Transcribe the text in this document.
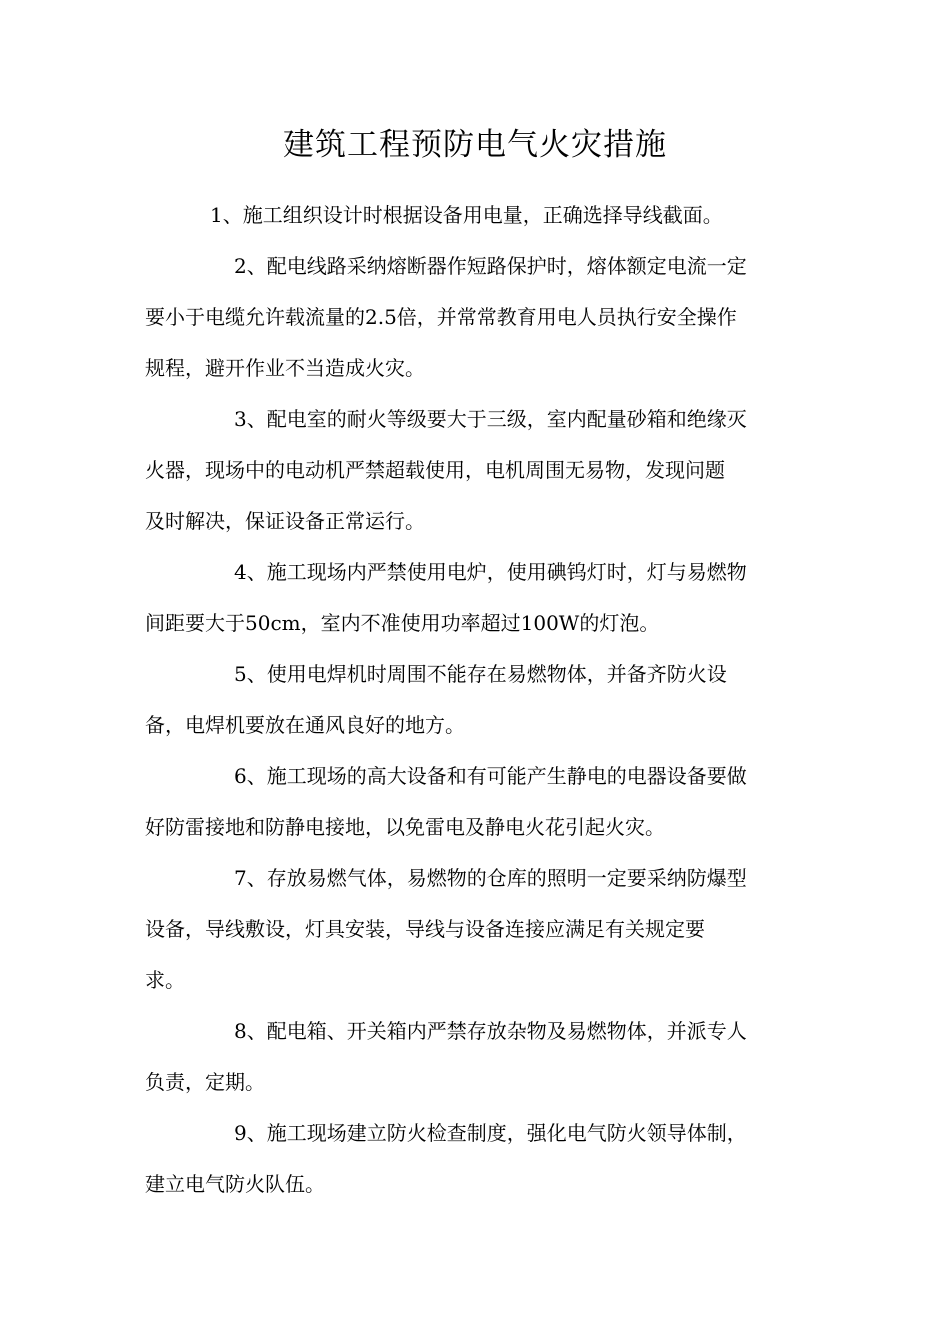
建筑工程预防电气火灾措施

1、施工组织设计时根据设备用电量，正确选择导线截面。

2、配电线路采纳熔断器作短路保护时，熔体额定电流一定

要小于电缆允许载流量的2.5倍，并常常教育用电人员执行安全操作

规程，避开作业不当造成火灾。

3、配电室的耐火等级要大于三级，室内配量砂箱和绝缘灭

火器，现场中的电动机严禁超载使用，电机周围无易物，发现问题

及时解决，保证设备正常运行。

4、施工现场内严禁使用电炉，使用碘钨灯时，灯与易燃物

间距要大于50cm，室内不准使用功率超过100W的灯泡。

5、使用电焊机时周围不能存在易燃物体，并备齐防火设

备，电焊机要放在通风良好的地方。

6、施工现场的高大设备和有可能产生静电的电器设备要做

好防雷接地和防静电接地，以免雷电及静电火花引起火灾。

7、存放易燃气体，易燃物的仓库的照明一定要采纳防爆型

设备，导线敷设，灯具安装，导线与设备连接应满足有关规定要

求。

8、配电箱、开关箱内严禁存放杂物及易燃物体，并派专人

负责，定期。

9、施工现场建立防火检查制度，强化电气防火领导体制，

建立电气防火队伍。
